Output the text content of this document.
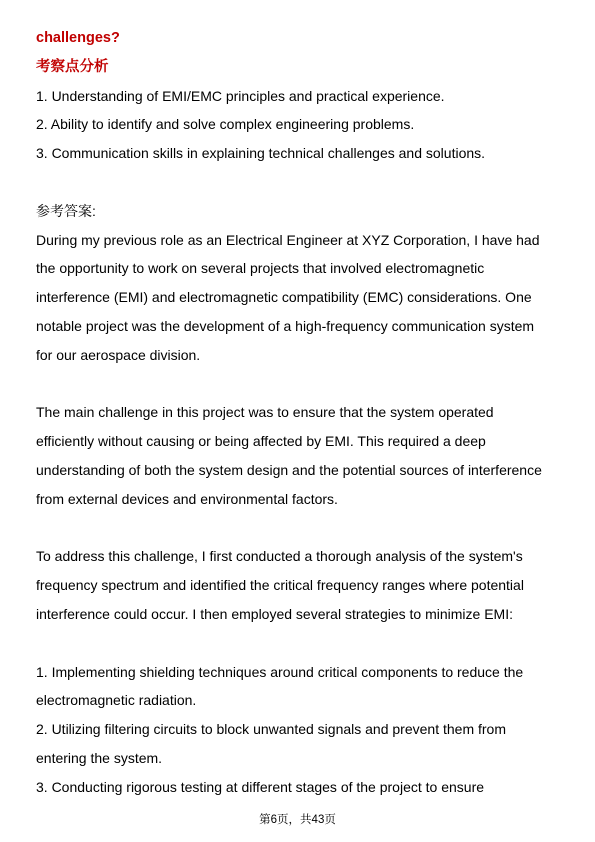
challenges?
考察点分析
1. Understanding of EMI/EMC principles and practical experience.
2. Ability to identify and solve complex engineering problems.
3. Communication skills in explaining technical challenges and solutions.
参考答案:
During my previous role as an Electrical Engineer at XYZ Corporation, I have had
the opportunity to work on several projects that involved electromagnetic
interference (EMI) and electromagnetic compatibility (EMC) considerations. One
notable project was the development of a high-frequency communication system
for our aerospace division.
The main challenge in this project was to ensure that the system operated
efficiently without causing or being affected by EMI. This required a deep
understanding of both the system design and the potential sources of interference
from external devices and environmental factors.
To address this challenge, I first conducted a thorough analysis of the system's
frequency spectrum and identified the critical frequency ranges where potential
interference could occur. I then employed several strategies to minimize EMI:
1. Implementing shielding techniques around critical components to reduce the
electromagnetic radiation.
2. Utilizing filtering circuits to block unwanted signals and prevent them from
entering the system.
3. Conducting rigorous testing at different stages of the project to ensure
第6页，共43页
